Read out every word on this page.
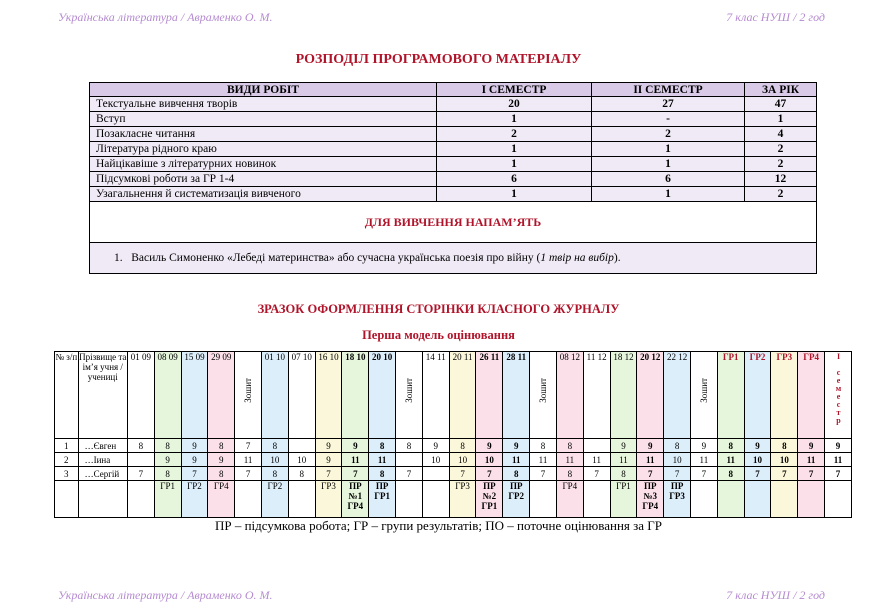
Українська література / Авраменко О. М.	7 клас НУШ / 2 год
РОЗПОДІЛ ПРОГРАМОВОГО МАТЕРІАЛУ
ВИДИ РОБІТ	І СЕМЕСТР	ІІ СЕМЕСТР	ЗА РІК
Текстуальне вивчення творів	20	27	47
Вступ	1	-	1
Позакласне читання	2	2	4
Література рідного краю	1	1	2
Найцікавіше з літературних новинок	1	1	2
Підсумкові роботи за ГР 1-4	6	6	12
Узагальнення й систематизація вивченого	1	1	2
ДЛЯ ВИВЧЕННЯ НАПАМ’ЯТЬ			
1. Василь Симоненко «Лебеді материнства» або сучасна українська поезія про війну (1 твір на вибір).			
ЗРАЗОК ОФОРМЛЕННЯ СТОРІНКИ КЛАСНОГО ЖУРНАЛУ
Перша модель оцінювання
№ з/п	Прізвище та ім’я учня / учениці	01 09	08 09	15 09	29 09	Зошит	01 10	07 10	16 10	18 10	20 10	Зошит	14 11	20 11	26 11	28 11	Зошит	08 12	11 12	18 12	20 12	22 12	Зошит	ГР1	ГР2	ГР3	ГР4	І семестр
1	…Євген	8	8	9	8	7	8		9	9	8	8	9	8	9	9	8	8		9	9	8	9	8	9	8	9	9
2	…Іина		9	9	9	11	10	10	9	11	11		10	10	10	11	11	11	11	11	11	10	11	11	10	10	11	11
3	…Сергій	7	8	7	8	7	8	8	7	7	8	7		7	7	8	7	8	7	8	7	7	7	8	7	7	7	7
			ГР1	ГР2	ГР4		ГР2		ГР3	ПР №1 ГР4	ПР ГР1			ГР3	ПР №2 ГР1	ПР ГР2		ГР4		ГР1	ПР №3 ГР4	ПР ГР3						
ПР – підсумкова робота; ГР – групи результатів; ПО – поточне оцінювання за ГР
Українська література / Авраменко О. М.	7 клас НУШ / 2 год
